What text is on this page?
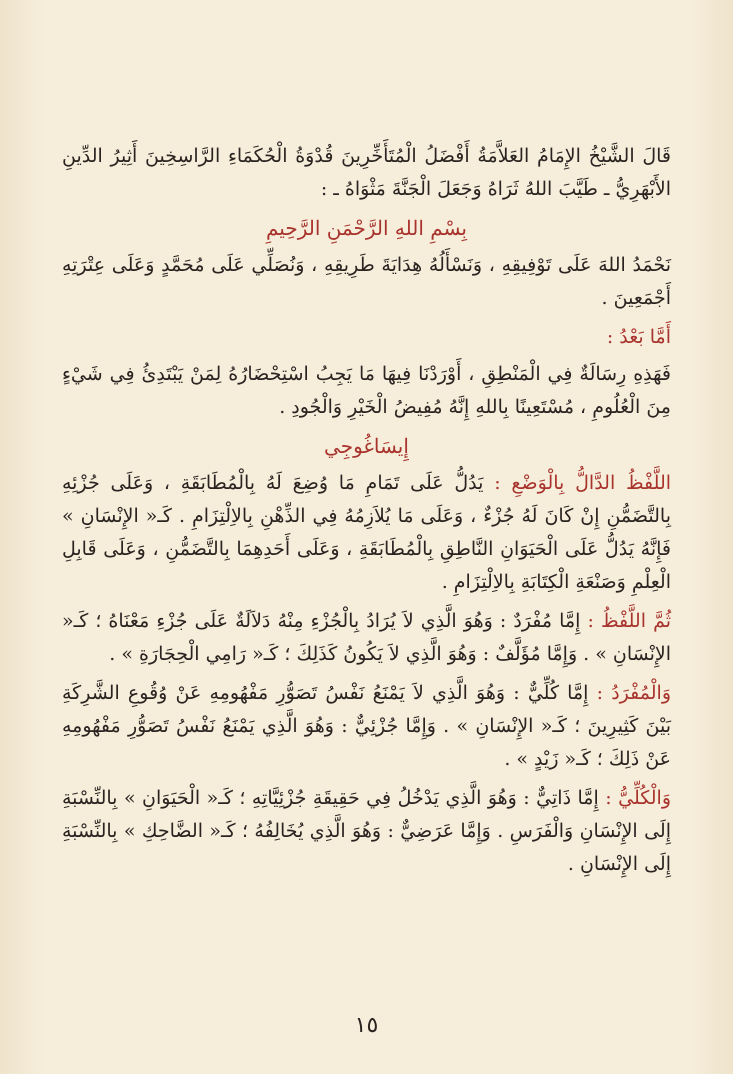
قَالَ الشَّيْخُ الإِمَامُ العَلاَّمَةُ أَفْضَلُ الْمُتَأَخِّرِينَ قُدْوَةُ الْحُكَمَاءِ الرَّاسِخِينَ أَثِيرُ الدِّينِ الأَبْهَرِيُّ ـ طَيَّبَ اللهُ ثَرَاهُ وَجَعَلَ الْجَنَّةَ مَثْوَاهُ ـ :

بِسْمِ اللهِ الرَّحْمَنِ الرَّحِيمِ

نَحْمَدُ اللهَ عَلَى تَوْفِيقِهِ ، وَنَسْأَلُهُ هِدَايَةَ طَرِيقِهِ ، وَنُصَلِّي عَلَى مُحَمَّدٍ وَعَلَى عِتْرَتِهِ أَجْمَعِينَ .

أَمَّا بَعْدُ :

فَهَذِهِ رِسَالَةٌ فِي الْمَنْطِقِ ، أَوْرَدْنَا فِيهَا مَا يَجِبُ اسْتِحْضَارُهُ لِمَنْ يَبْتَدِئُ فِي شَيْءٍ مِنَ الْعُلُومِ ، مُسْتَعِينًا بِاللهِ إِنَّهُ مُفِيضُ الْخَيْرِ وَالْجُودِ .

إِيسَاغُوجِي

اللَّفْظُ الدَّالُّ بِالْوَضْعِ : يَدُلُّ عَلَى تَمَامِ مَا وُضِعَ لَهُ بِالْمُطَابَقَةِ ، وَعَلَى جُزْئِهِ بِالتَّضَمُّنِ إِنْ كَانَ لَهُ جُزْءٌ ، وَعَلَى مَا يُلاَزِمُهُ فِي الذِّهْنِ بِالاِلْتِزَامِ . كَـ« الإِنْسَانِ » فَإِنَّهُ يَدُلُّ عَلَى الْحَيَوَانِ النَّاطِقِ بِالْمُطَابَقَةِ ، وَعَلَى أَحَدِهِمَا بِالتَّضَمُّنِ ، وَعَلَى قَابِلِ الْعِلْمِ وَصَنْعَةِ الْكِتَابَةِ بِالاِلْتِزَامِ .

ثُمَّ اللَّفْظُ : إِمَّا مُفْرَدٌ : وَهُوَ الَّذِي لاَ يُرَادُ بِالْجُزْءِ مِنْهُ دَلاَلَةٌ عَلَى جُزْءِ مَعْنَاهُ ؛ كَـ« الإِنْسَانِ » . وَإِمَّا مُؤَلَّفٌ : وَهُوَ الَّذِي لاَ يَكُونُ كَذَلِكَ ؛ كَـ« رَامِي الْحِجَارَةِ » .

وَالْمُفْرَدُ : إِمَّا كُلِّيٌّ : وَهُوَ الَّذِي لاَ يَمْنَعُ نَفْسُ تَصَوُّرِ مَفْهُومِهِ عَنْ وُقُوعِ الشَّرِكَةِ بَيْنَ كَثِيرِينَ ؛ كَـ« الإِنْسَانِ » . وَإِمَّا جُزْئِيٌّ : وَهُوَ الَّذِي يَمْنَعُ نَفْسُ تَصَوُّرِ مَفْهُومِهِ عَنْ ذَلِكَ ؛ كَـ« زَيْدٍ » .

وَالْكُلِّيُّ : إِمَّا ذَاتِيٌّ : وَهُوَ الَّذِي يَدْخُلُ فِي حَقِيقَةِ جُزْئِيَّاتِهِ ؛ كَـ« الْحَيَوَانِ » بِالنِّسْبَةِ إِلَى الإِنْسَانِ وَالْفَرَسِ . وَإِمَّا عَرَضِيٌّ : وَهُوَ الَّذِي يُخَالِفُهُ ؛ كَـ« الضَّاحِكِ » بِالنِّسْبَةِ إِلَى الإِنْسَانِ .

١٥
